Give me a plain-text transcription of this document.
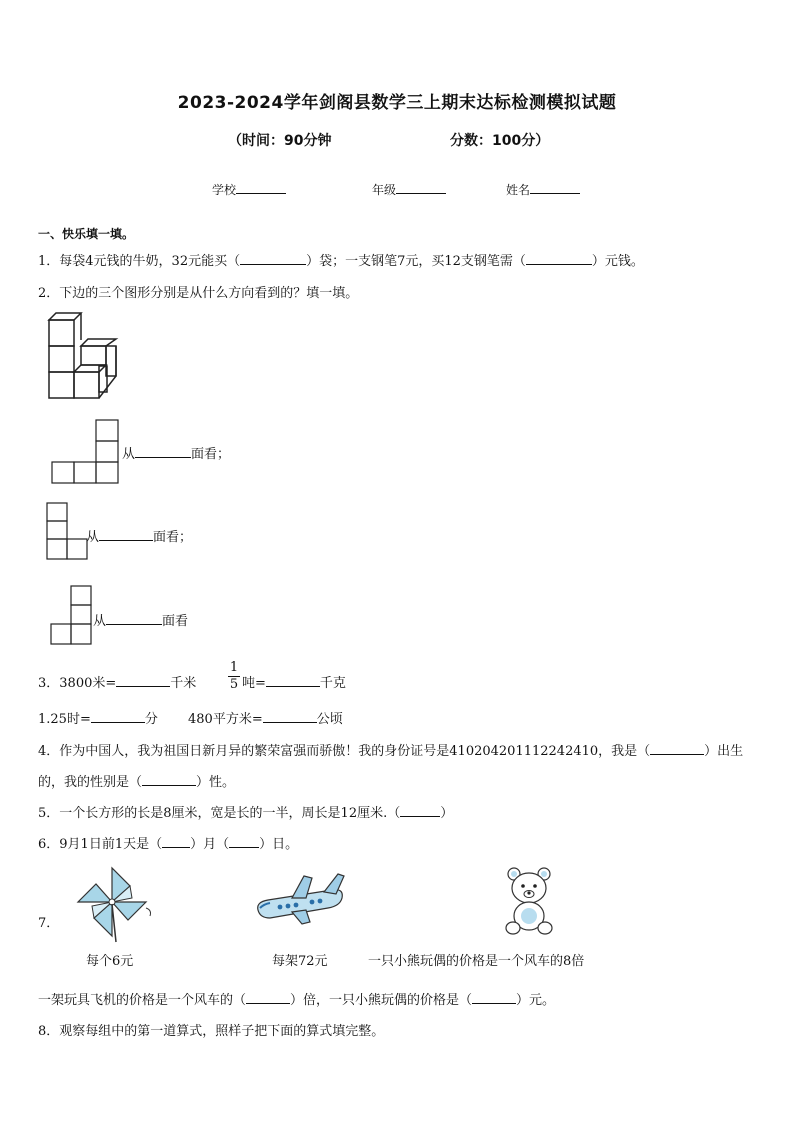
2023-2024学年剑阁县数学三上期末达标检测模拟试题
（时间：90分钟	分数：100分）
学校	年级	姓名
一、快乐填一填。
1．每袋4元钱的牛奶，32元能买（	）袋；一支钢笔7元，买12支钢笔需（	）元钱。
2．下边的三个图形分别是从什么方向看到的？填一填。
从	面看；
从	面看；
从	面看
3．3800米=	千米
1
5 吨=	千克
1.25时=	分 480平方米=	公顷
4．作为中国人，我为祖国日新月异的繁荣富强而骄傲！我的身份证号是410204201112242410，我是（	）出生
的，我的性别是（	）性。
5．一个长方形的长是8厘米，宽是长的一半，周长是12厘米.（	）
6．9月1日前1天是（ ）月（ ）日。
7．
每个6元	每架72元	一只小熊玩偶的价格是一个风车的8倍
一架玩具飞机的价格是一个风车的（	）倍，一只小熊玩偶的价格是（	）元。
8．观察每组中的第一道算式，照样子把下面的算式填完整。
